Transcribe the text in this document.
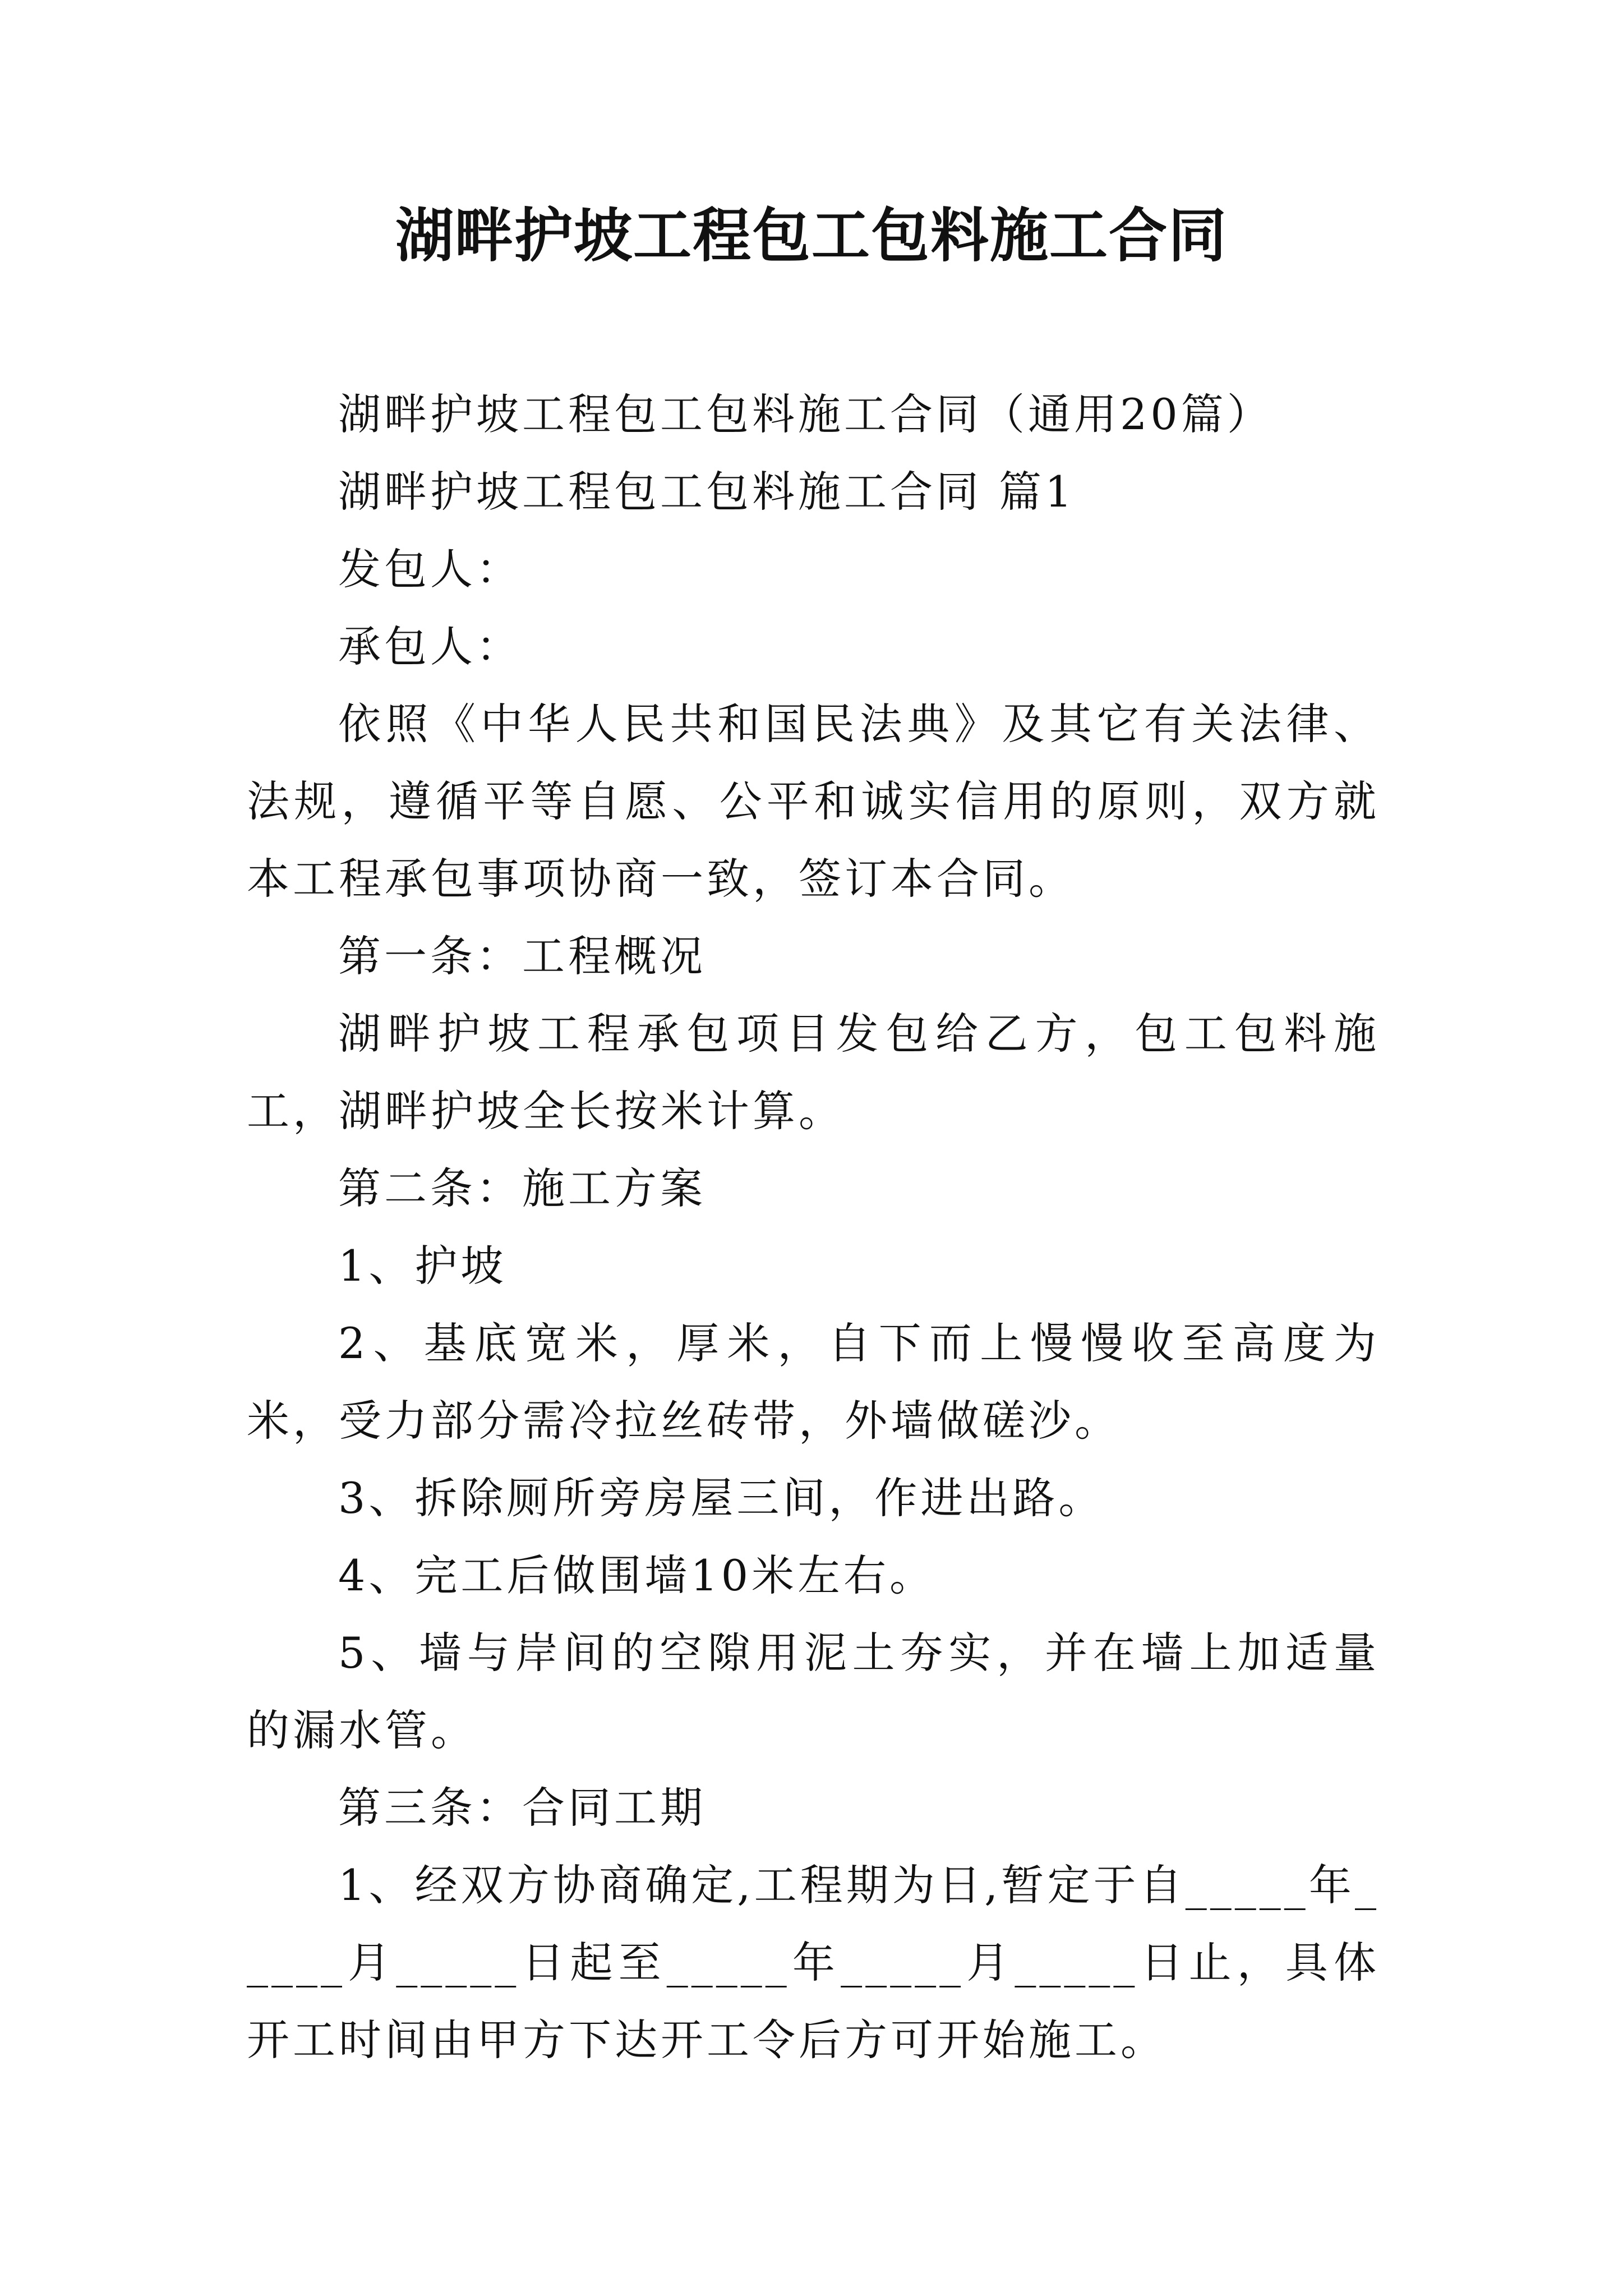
湖畔护坡工程包工包料施工合同

湖畔护坡工程包工包料施工合同（通用20篇）

湖畔护坡工程包工包料施工合同 篇1

发包人：

承包人：

依照《中华人民共和国民法典》及其它有关法律、法规，遵循平等自愿、公平和诚实信用的原则，双方就本工程承包事项协商一致，签订本合同。

第一条：工程概况

湖畔护坡工程承包项目发包给乙方，包工包料施工，湖畔护坡全长按米计算。

第二条：施工方案

1、护坡

2、基底宽米，厚米，自下而上慢慢收至高度为米，受力部分需冷拉丝砖带，外墙做磋沙。

3、拆除厕所旁房屋三间，作进出路。

4、完工后做围墙10米左右。

5、墙与岸间的空隙用泥土夯实，并在墙上加适量的漏水管。

第三条：合同工期

1、经双方协商确定,工程期为日,暂定于自_____年_____月_____日起至_____年_____月_____日止，具体开工时间由甲方下达开工令后方可开始施工。
